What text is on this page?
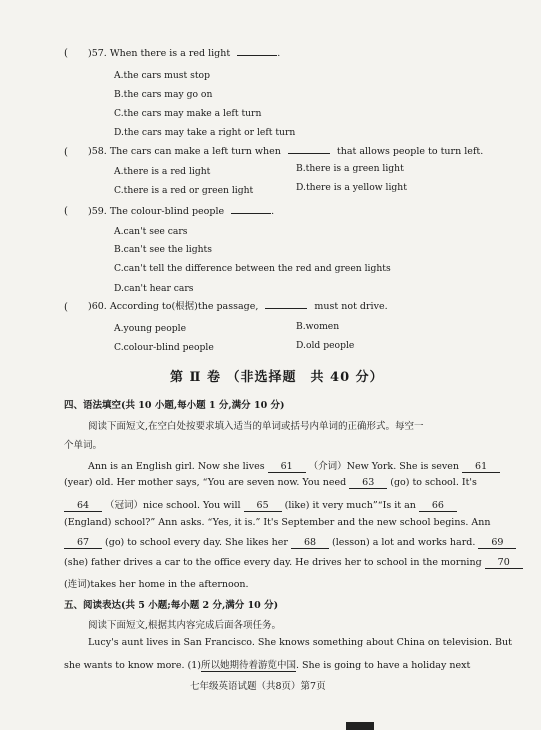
( )57. When there is a red light	.
A.the cars must stop
B.the cars may go on
C.the cars may make a left turn
D.the cars may take a right or left turn
( )58. The cars can make a left turn when	that allows people to turn left.
A.there is a red light	B.there is a green light
C.there is a red or green light	D.there is a yellow light
( )59. The colour-blind people	.
A.can't see cars
B.can't see the lights
C.can't tell the difference between the red and green lights
D.can't hear cars
( )60. According to(根据)the passage,	must not drive.
A.young people	B.women
C.colour-blind people	D.old people
第 Ⅱ 卷 （非选择题　共 40 分）
四、语法填空(共 10 小题,每小题 1 分,满分 10 分)
阅读下面短文,在空白处按要求填入适当的单词或括号内单词的正确形式。每空一
个单词。
Ann is an English girl. Now she lives 61 （介词）New York. She is seven 61
(year) old. Her mother says, “You are seven now. You need 63 (go) to school. It's
64 （冠词）nice school. You will 65 (like) it very much”“Is it an 66
(England) school?” Ann asks. “Yes, it is.” It's September and the new school begins. Ann
67 (go) to school every day. She likes her 68 (lesson) a lot and works hard. 69
(she) father drives a car to the office every day. He drives her to school in the morning 70
(连词)takes her home in the afternoon.
五、阅读表达(共 5 小题;每小题 2 分,满分 10 分)
阅读下面短文,根据其内容完成后面各项任务。
Lucy's aunt lives in San Francisco. She knows something about China on television. But
she wants to know more. (1)所以她期待着游览中国. She is going to have a holiday next
七年级英语试题（共8页）第7页
